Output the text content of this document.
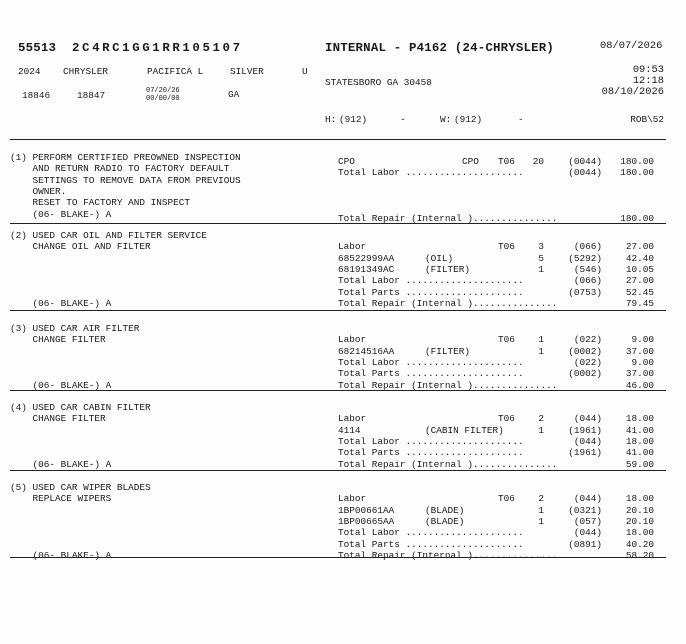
55513 2C4RC1GG1RR105107	INTERNAL - P4162 (24-CHRYSLER)	08/07/2026
2024 CHRYSLER	PACIFICA L	SILVER	U
STATESBORO GA 30458
09:53
12:18
08/10/2026
18846	18847	07/20/26
00/00/00	GA
H: (912)	-	W: (912)	-	ROB\52
(1) PERFORM CERTIFIED PREOWNED INSPECTION
AND RETURN RADIO TO FACTORY DEFAULT
SETTINGS TO REMOVE DATA FROM PREVIOUS
OWNER.
RESET TO FACTORY AND INSPECT
(06- BLAKE-) A
CPO	CPO T06	20	(0044)	180.00
Total Labor .....................	(0044)	180.00
Total Repair (Internal )...............	180.00
(2) USED CAR OIL AND FILTER SERVICE
CHANGE OIL AND FILTER
(06- BLAKE-) A
Labor	T06	3	(066)	27.00
68522999AA	(OIL)	5	(5292)	42.40
68191349AC	(FILTER)	1	(546)	10.05
Total Labor .....................	(066)	27.00
Total Parts .....................	(0753)	52.45
Total Repair (Internal )...............	79.45
(3) USED CAR AIR FILTER
CHANGE FILTER
(06- BLAKE-) A
Labor	T06	1	(022)	9.00
68214516AA	(FILTER)	1	(0002)	37.00
Total Labor .....................	(022)	9.00
Total Parts .....................	(0002)	37.00
Total Repair (Internal )...............	46.00
(4) USED CAR CABIN FILTER
CHANGE FILTER
(06- BLAKE-) A
Labor	T06	2	(044)	18.00
4114	(CABIN FILTER)	1	(1961)	41.00
Total Labor .....................	(044)	18.00
Total Parts .....................	(1961)	41.00
Total Repair (Internal )...............	59.00
(5) USED CAR WIPER BLADES
REPLACE WIPERS
(06- BLAKE-) A
Labor	T06	2	(044)	18.00
1BP00661AA	(BLADE)	1	(0321)	20.10
1BP00665AA	(BLADE)	1	(057)	20.10
Total Labor .....................	(044)	18.00
Total Parts .....................	(0891)	40.20
Total Repair (Internal )...............	58.20
